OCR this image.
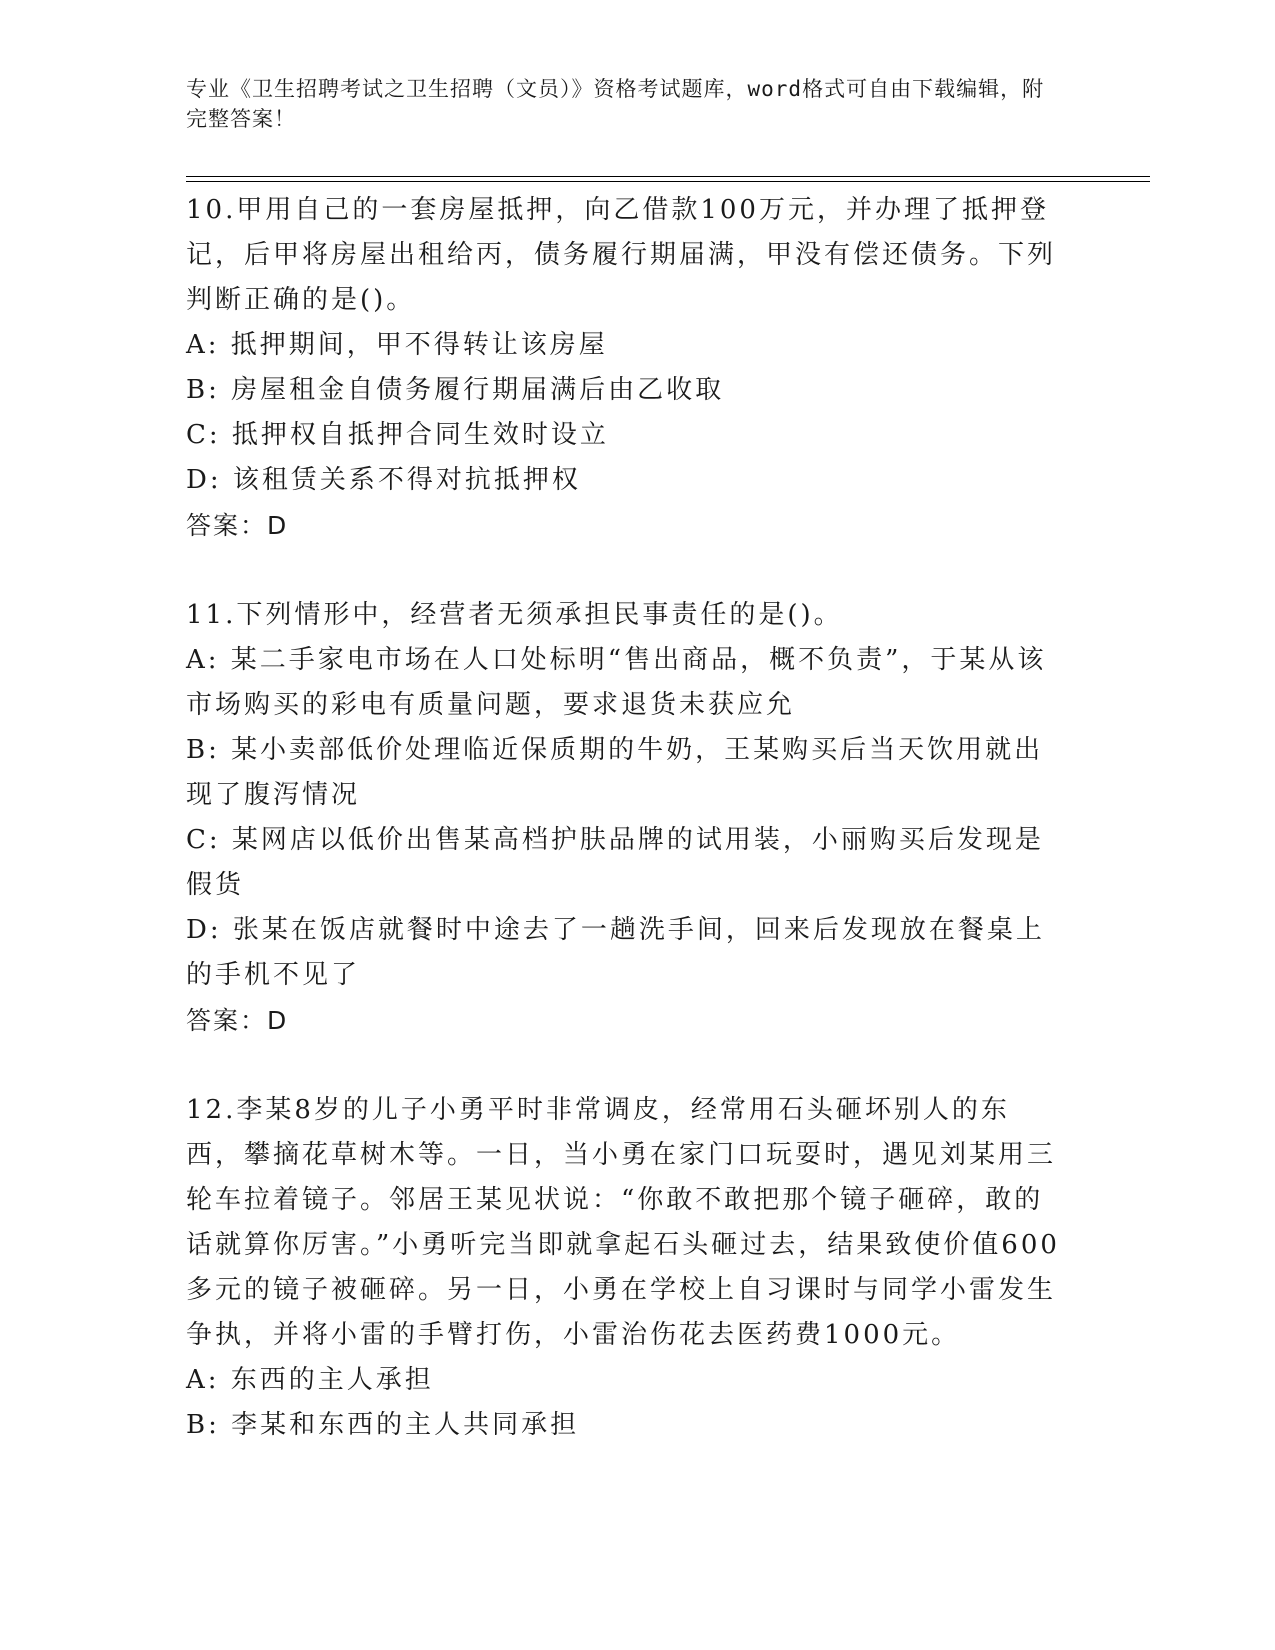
专业《卫生招聘考试之卫生招聘（文员）》资格考试题库，word格式可自由下载编辑，附完整答案！

10.甲用自己的一套房屋抵押，向乙借款100万元，并办理了抵押登记，后甲将房屋出租给丙，债务履行期届满，甲没有偿还债务。下列判断正确的是()。

A: 抵押期间，甲不得转让该房屋

B: 房屋租金自债务履行期届满后由乙收取

C: 抵押权自抵押合同生效时设立

D: 该租赁关系不得对抗抵押权

答案：D

11.下列情形中，经营者无须承担民事责任的是()。

A: 某二手家电市场在人口处标明“售出商品，概不负责”，于某从该市场购买的彩电有质量问题，要求退货未获应允

B: 某小卖部低价处理临近保质期的牛奶，王某购买后当天饮用就出现了腹泻情况

C: 某网店以低价出售某高档护肤品牌的试用装，小丽购买后发现是假货

D: 张某在饭店就餐时中途去了一趟洗手间，回来后发现放在餐桌上的手机不见了

答案：D

12.李某8岁的儿子小勇平时非常调皮，经常用石头砸坏别人的东西，攀摘花草树木等。一日，当小勇在家门口玩耍时，遇见刘某用三轮车拉着镜子。邻居王某见状说：“你敢不敢把那个镜子砸碎，敢的话就算你厉害。”小勇听完当即就拿起石头砸过去，结果致使价值600多元的镜子被砸碎。另一日，小勇在学校上自习课时与同学小雷发生争执，并将小雷的手臂打伤，小雷治伤花去医药费1000元。

A: 东西的主人承担

B: 李某和东西的主人共同承担
